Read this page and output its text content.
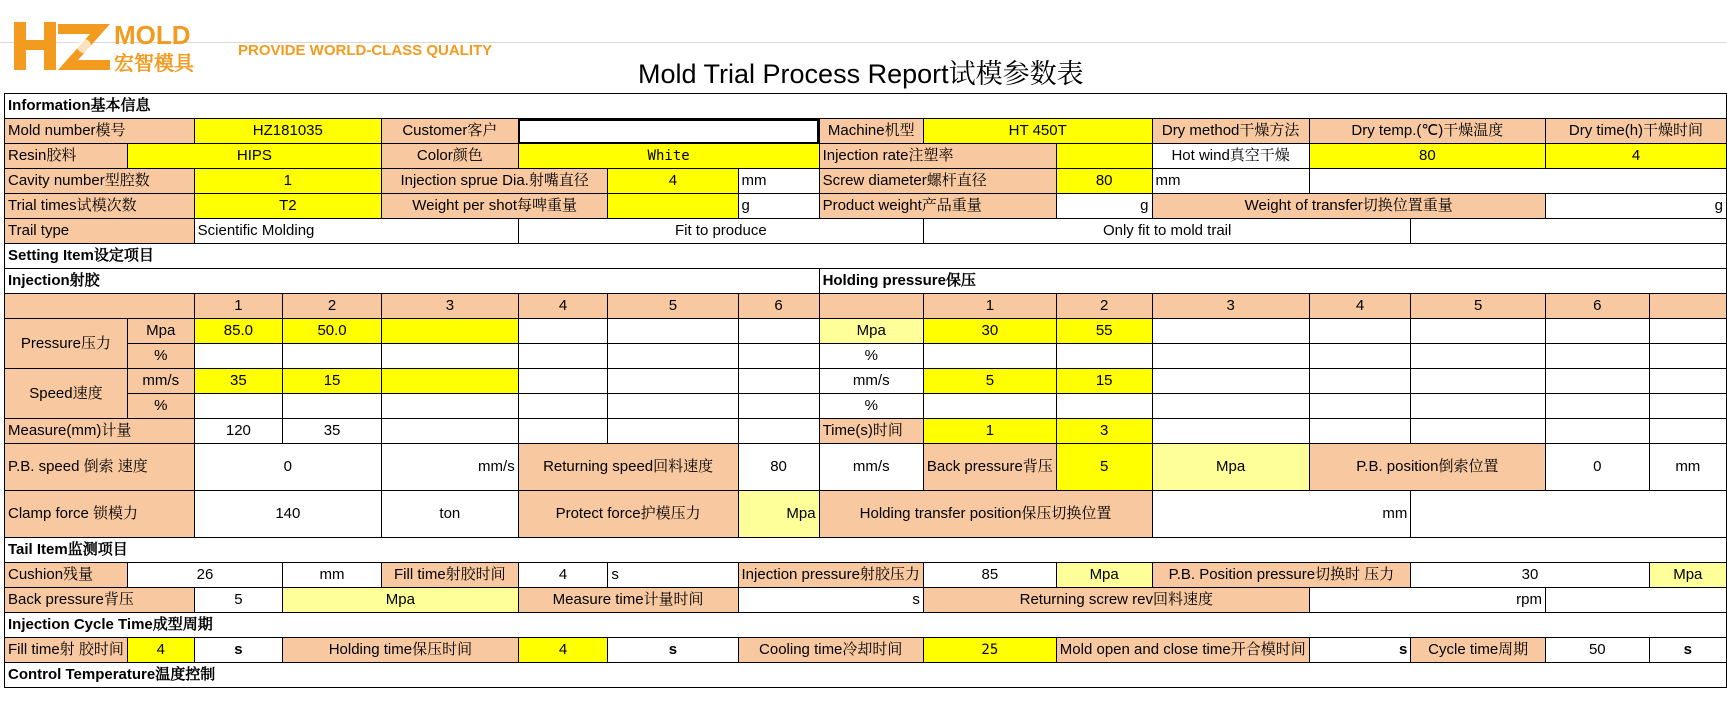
MOLD
宏智模具
PROVIDE WORLD-CLASS QUALITY
Mold Trial Process Report试模参数表
Information基本信息															
Mold number模号		HZ181035		Customer客户				Machine机型	HT 450T		Dry method干燥方法	Dry temp.(℃)干燥温度		Dry time(h)干燥时间	
Resin胶料	HIPS			Color颜色	White			Injection rate注塑率			Hot wind真空干燥	80		4	
Cavity number型腔数		1		Injection sprue Dia.射嘴直径		4	mm	Screw diameter螺杆直径		80	mm				
Trial times试模次数		T2		Weight per shot每啤重量			g	Product weight产品重量		g	Weight of transfer切换位置重量			g	
Trail type		Scientific Molding			Fit to produce				Only fit to mold trail						
Setting Item设定项目															
Injection射胶								Holding pressure保压							
		1	2	3	4	5	6		1	2	3	4	5	6	
Pressure压力	Mpa	85.0	50.0					Mpa	30	55					
	%							%							
Speed速度	mm/s	35	15					mm/s	5	15					
	%							%							
Measure(mm)计量		120	35					Time(s)时间	1	3					
P.B. speed 倒索 速度		0		mm/s	Returning speed回料速度		80	mm/s	Back pressure背压	5	Mpa	P.B. position倒索位置		0	mm
Clamp force 锁模力		140		ton	Protect force护模压力		Mpa	Holding transfer position保压切换位置			mm				
Tail Item监测项目															
Cushion残量	26		mm	Fill time射胶时间	4	s	Injection pressure射胶压力		85	Mpa	P.B. Position pressure切换时 压力		30		Mpa
Back pressure背压		5	Mpa		Measure time计量时间		s		Returning screw rev回料速度			rpm			
Injection Cycle Time成型周期															
Fill time射 胶时间	4	s	Holding time保压时间		4	s	Cooling time冷却时间		25	Mold open and close time开合模时间		s	Cycle time周期	50	s
Control Temperature温度控制															
